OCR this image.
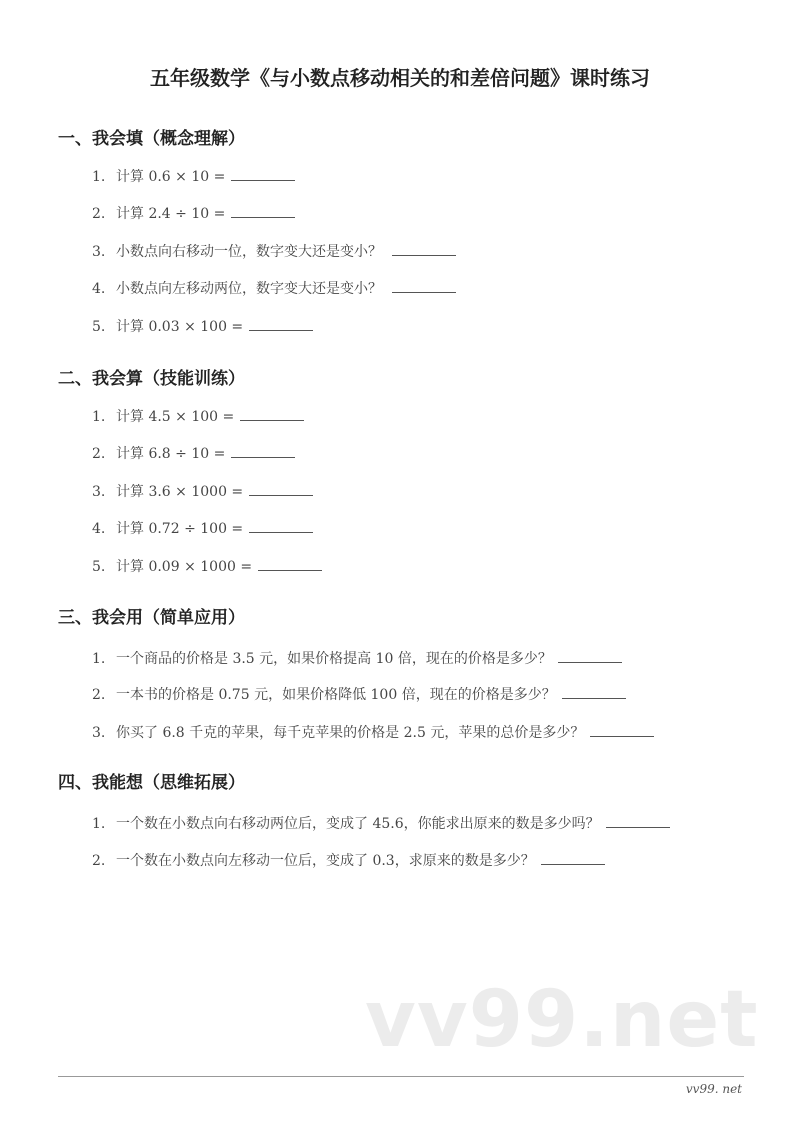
五年级数学《与小数点移动相关的和差倍问题》课时练习
一、我会填（概念理解）
1. 计算 0.6 × 10 =
2. 计算 2.4 ÷ 10 =
3. 小数点向右移动一位，数字变大还是变小？
4. 小数点向左移动两位，数字变大还是变小？
5. 计算 0.03 × 100 =
二、我会算（技能训练）
1. 计算 4.5 × 100 =
2. 计算 6.8 ÷ 10 =
3. 计算 3.6 × 1000 =
4. 计算 0.72 ÷ 100 =
5. 计算 0.09 × 1000 =
三、我会用（简单应用）
1. 一个商品的价格是 3.5 元，如果价格提高 10 倍，现在的价格是多少？
2. 一本书的价格是 0.75 元，如果价格降低 100 倍，现在的价格是多少？
3. 你买了 6.8 千克的苹果，每千克苹果的价格是 2.5 元，苹果的总价是多少？
四、我能想（思维拓展）
1. 一个数在小数点向右移动两位后，变成了 45.6，你能求出原来的数是多少吗？
2. 一个数在小数点向左移动一位后，变成了 0.3，求原来的数是多少？
vv99.net
vv99. net
